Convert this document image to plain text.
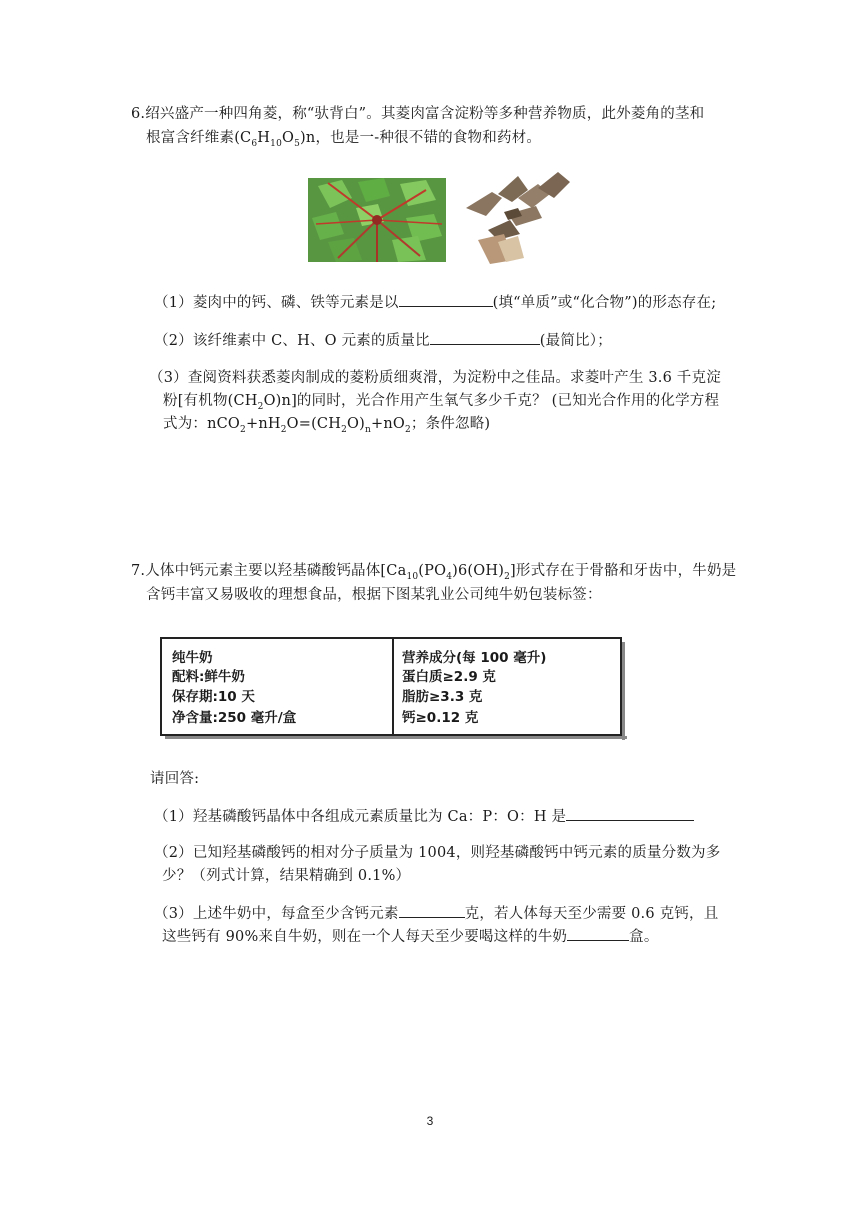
6.绍兴盛产一种四角菱，称“驮背白”。其菱肉富含淀粉等多种营养物质，此外菱角的茎和
根富含纤维素$(C_6H_{10}O_5)n$，也是一-种很不错的食物和药材。
（1）菱肉中的钙、磷、铁等元素是以	(填“单质”或“化合物”)的形态存在;
（2）该纤维素中 C、H、O 元素的质量比	(最简比）；
（3）查阅资料获悉菱肉制成的菱粉质细爽滑，为淀粉中之佳品。求菱叶产生 3.6 千克淀
粉[有机物$(CH_2O)n$]的同时，光合作用产生氧气多少千克？ (已知光合作用的化学方程
式为：$nCO_2+nH_2O=(CH_2O)_n+nO_2$；条件忽略)
7.人体中钙元素主要以羟基磷酸钙晶体$[Ca_{10}(PO_4)6(OH)_2]$形式存在于骨骼和牙齿中，牛奶是
含钙丰富又易吸收的理想食品，根据下图某乳业公司纯牛奶包装标签：
纯牛奶
配料:鲜牛奶
保存期:10 天
净含量:250 毫升/盒
营养成分(每 100 毫升)
蛋白质≥2.9 克
脂肪≥3.3 克
钙≥0.12 克
请回答:
（1）羟基磷酸钙晶体中各组成元素质量比为 Ca：P：O：H 是
（2）已知羟基磷酸钙的相对分子质量为 1004，则羟基磷酸钙中钙元素的质量分数为多
少？（列式计算，结果精确到 0.1%）
（3）上述牛奶中，每盒至少含钙元素	克，若人体每天至少需要 0.6 克钙，且
这些钙有 90%来自牛奶，则在一个人每天至少要喝这样的牛奶	盒。
3
